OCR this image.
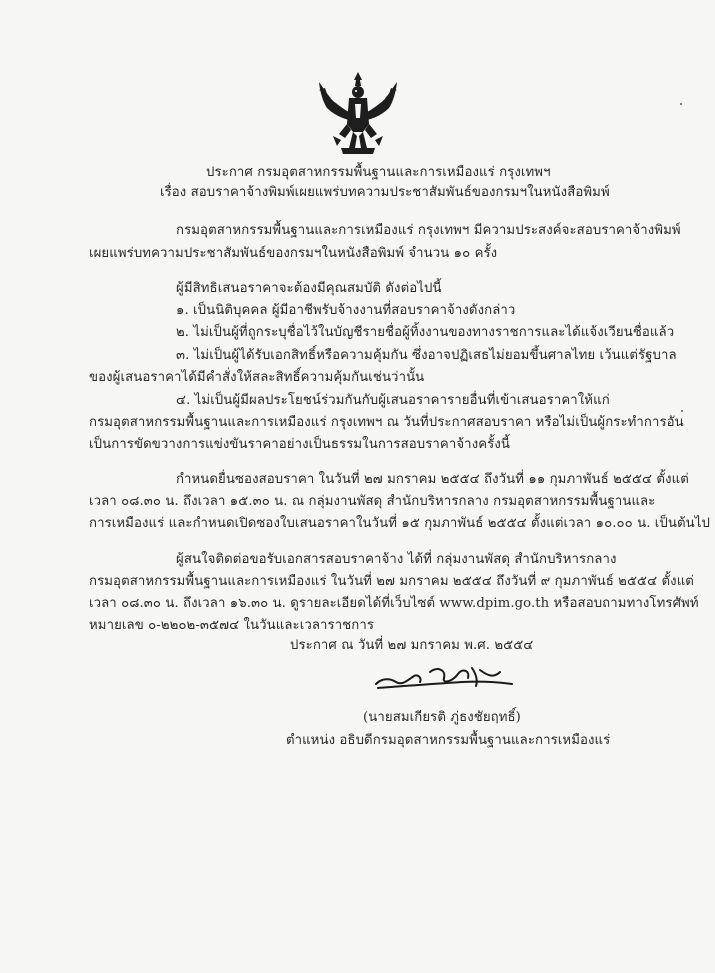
ประกาศ กรมอุตสาหกรรมพื้นฐานและการเหมืองแร่ กรุงเทพฯ
เรื่อง สอบราคาจ้างพิมพ์เผยแพร่บทความประชาสัมพันธ์ของกรมฯในหนังสือพิมพ์
กรมอุตสาหกรรมพื้นฐานและการเหมืองแร่ กรุงเทพฯ มีความประสงค์จะสอบราคาจ้างพิมพ์
เผยแพร่บทความประชาสัมพันธ์ของกรมฯในหนังสือพิมพ์ จำนวน ๑๐ ครั้ง
ผู้มีสิทธิเสนอราคาจะต้องมีคุณสมบัติ ดังต่อไปนี้
๑. เป็นนิติบุคคล ผู้มีอาชีพรับจ้างงานที่สอบราคาจ้างดังกล่าว
๒. ไม่เป็นผู้ที่ถูกระบุชื่อไว้ในบัญชีรายชื่อผู้ทิ้งงานของทางราชการและได้แจ้งเวียนชื่อแล้ว
๓. ไม่เป็นผู้ได้รับเอกสิทธิ์หรือความคุ้มกัน ซึ่งอาจปฏิเสธไม่ยอมขึ้นศาลไทย เว้นแต่รัฐบาล
ของผู้เสนอราคาได้มีคำสั่งให้สละสิทธิ์ความคุ้มกันเช่นว่านั้น
๔. ไม่เป็นผู้มีผลประโยชน์ร่วมกันกับผู้เสนอราคารายอื่นที่เข้าเสนอราคาให้แก่
กรมอุตสาหกรรมพื้นฐานและการเหมืองแร่ กรุงเทพฯ ณ วันที่ประกาศสอบราคา หรือไม่เป็นผู้กระทำการอัน
เป็นการขัดขวางการแข่งขันราคาอย่างเป็นธรรมในการสอบราคาจ้างครั้งนี้
กำหนดยื่นซองสอบราคา ในวันที่ ๒๗ มกราคม ๒๕๕๔ ถึงวันที่ ๑๑ กุมภาพันธ์ ๒๕๕๔ ตั้งแต่
เวลา ๐๘.๓๐ น. ถึงเวลา ๑๕.๓๐ น. ณ กลุ่มงานพัสดุ สำนักบริหารกลาง กรมอุตสาหกรรมพื้นฐานและ
การเหมืองแร่ และกำหนดเปิดซองใบเสนอราคาในวันที่ ๑๕ กุมภาพันธ์ ๒๕๕๔ ตั้งแต่เวลา ๑๐.๐๐ น. เป็นต้นไป
ผู้สนใจติดต่อขอรับเอกสารสอบราคาจ้าง ได้ที่ กลุ่มงานพัสดุ สำนักบริหารกลาง
กรมอุตสาหกรรมพื้นฐานและการเหมืองแร่ ในวันที่ ๒๗ มกราคม ๒๕๕๔ ถึงวันที่ ๙ กุมภาพันธ์ ๒๕๕๔ ตั้งแต่
เวลา ๐๘.๓๐ น. ถึงเวลา ๑๖.๓๐ น. ดูรายละเอียดได้ที่เว็บไซต์ www.dpim.go.th หรือสอบถามทางโทรศัพท์
หมายเลข ๐-๒๒๐๒-๓๕๗๔ ในวันและเวลาราชการ
ประกาศ ณ วันที่ ๒๗ มกราคม พ.ศ. ๒๕๕๔
(นายสมเกียรติ ภู่ธงชัยฤทธิ์)
ตำแหน่ง อธิบดีกรมอุตสาหกรรมพื้นฐานและการเหมืองแร่
